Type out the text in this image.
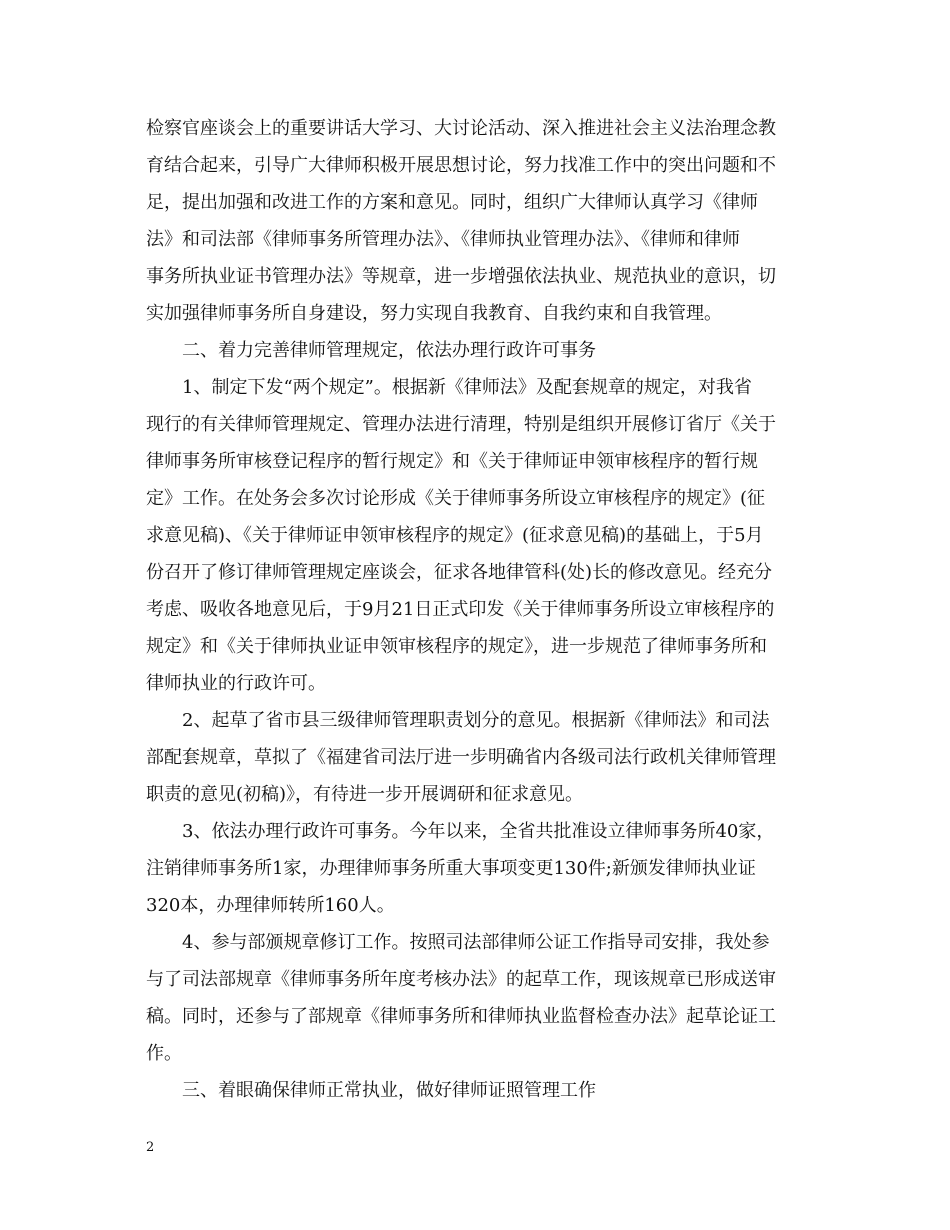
检察官座谈会上的重要讲话大学习、大讨论活动、深入推进社会主义法治理念教
育结合起来，引导广大律师积极开展思想讨论，努力找准工作中的突出问题和不
足，提出加强和改进工作的方案和意见。同时，组织广大律师认真学习《律师
法》和司法部《律师事务所管理办法》、《律师执业管理办法》、《律师和律师
事务所执业证书管理办法》等规章，进一步增强依法执业、规范执业的意识，切
实加强律师事务所自身建设，努力实现自我教育、自我约束和自我管理。
二、着力完善律师管理规定，依法办理行政许可事务
1、制定下发“两个规定”。根据新《律师法》及配套规章的规定，对我省
现行的有关律师管理规定、管理办法进行清理，特别是组织开展修订省厅《关于
律师事务所审核登记程序的暂行规定》和《关于律师证申领审核程序的暂行规
定》工作。在处务会多次讨论形成《关于律师事务所设立审核程序的规定》(征
求意见稿)、《关于律师证申领审核程序的规定》(征求意见稿)的基础上，于5月
份召开了修订律师管理规定座谈会，征求各地律管科(处)长的修改意见。经充分
考虑、吸收各地意见后，于9月21日正式印发《关于律师事务所设立审核程序的
规定》和《关于律师执业证申领审核程序的规定》，进一步规范了律师事务所和
律师执业的行政许可。
2、起草了省市县三级律师管理职责划分的意见。根据新《律师法》和司法
部配套规章，草拟了《福建省司法厅进一步明确省内各级司法行政机关律师管理
职责的意见(初稿)》，有待进一步开展调研和征求意见。
3、依法办理行政许可事务。今年以来，全省共批准设立律师事务所40家，
注销律师事务所1家，办理律师事务所重大事项变更130件;新颁发律师执业证
320本，办理律师转所160人。
4、参与部颁规章修订工作。按照司法部律师公证工作指导司安排，我处参
与了司法部规章《律师事务所年度考核办法》的起草工作，现该规章已形成送审
稿。同时，还参与了部规章《律师事务所和律师执业监督检查办法》起草论证工
作。
三、着眼确保律师正常执业，做好律师证照管理工作
2
